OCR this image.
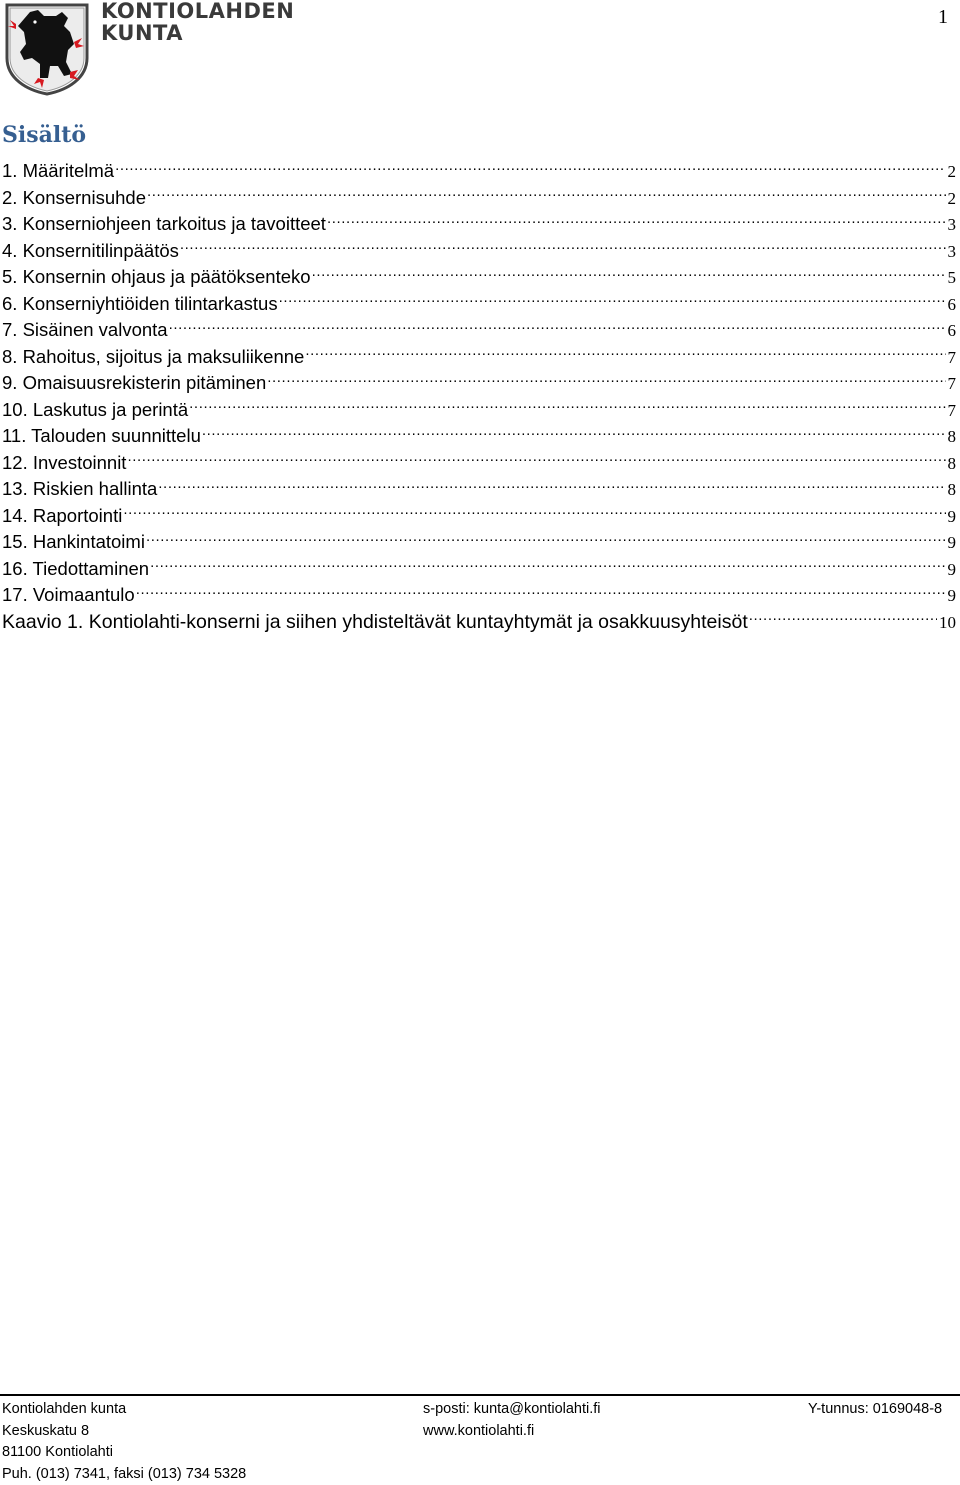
KONTIOLAHDEN
KUNTA
1
Sisältö
1. Määritelmä .....	2
2. Konsernisuhde .....	2
3. Konserniohjeen tarkoitus ja tavoitteet .....	3
4. Konsernitilinpäätös .....	3
5. Konsernin ohjaus ja päätöksenteko .....	5
6. Konserniyhtiöiden tilintarkastus .....	6
7. Sisäinen valvonta .....	6
8. Rahoitus, sijoitus ja maksuliikenne .....	7
9. Omaisuusrekisterin pitäminen .....	7
10. Laskutus ja perintä .....	7
11. Talouden suunnittelu .....	8
12. Investoinnit .....	8
13. Riskien hallinta .....	8
14. Raportointi .....	9
15. Hankintatoimi .....	9
16. Tiedottaminen .....	9
17. Voimaantulo .....	9
Kaavio 1. Kontiolahti-konserni ja siihen yhdisteltävät kuntayhtymät ja osakkuusyhteisöt .....	10
Kontiolahden kunta
Keskuskatu 8
81100 Kontiolahti
Puh. (013) 7341, faksi (013) 734 5328
s-posti: kunta@kontiolahti.fi
www.kontiolahti.fi
Y-tunnus: 0169048-8
